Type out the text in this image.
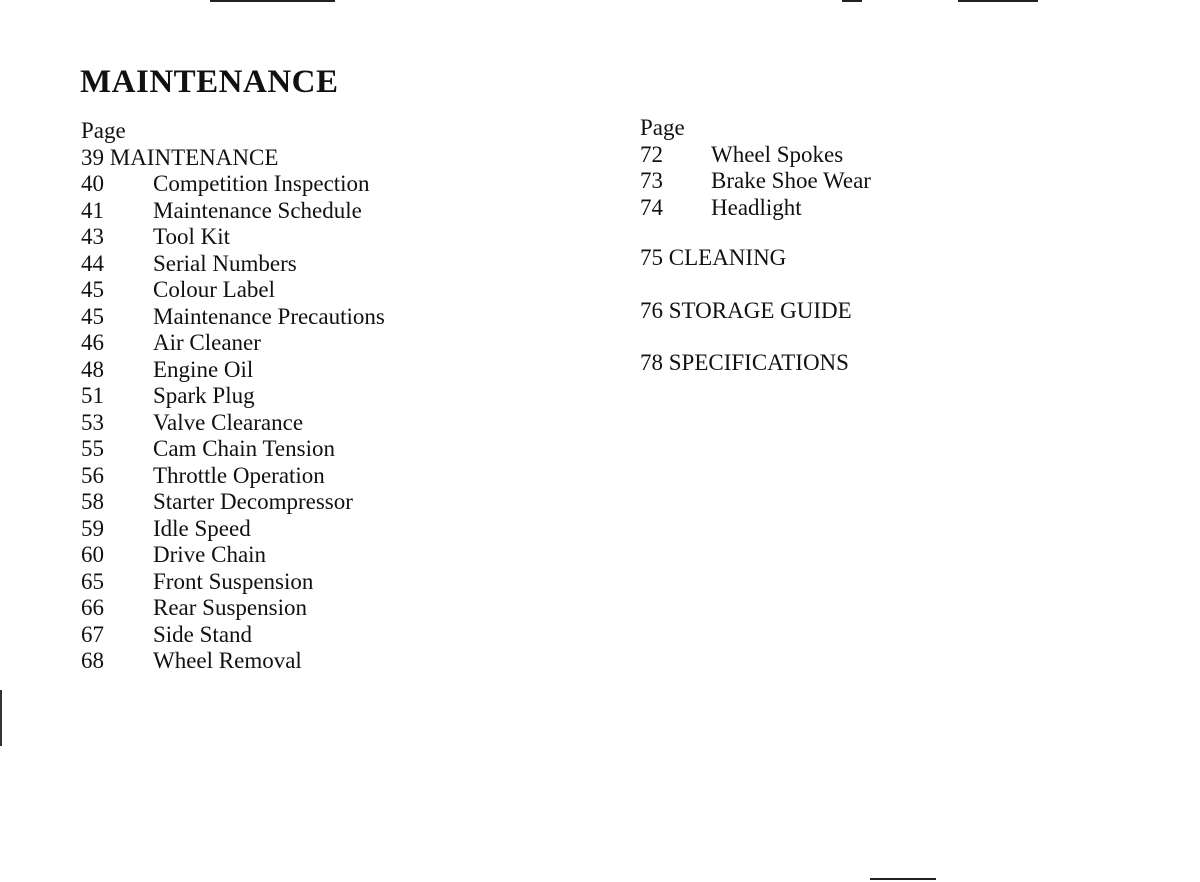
MAINTENANCE
Page
39 MAINTENANCE
40	Competition Inspection
41	Maintenance Schedule
43	Tool Kit
44	Serial Numbers
45	Colour Label
45	Maintenance Precautions
46	Air Cleaner
48	Engine Oil
51	Spark Plug
53	Valve Clearance
55	Cam Chain Tension
56	Throttle Operation
58	Starter Decompressor
59	Idle Speed
60	Drive Chain
65	Front Suspension
66	Rear Suspension
67	Side Stand
68	Wheel Removal
Page
72	Wheel Spokes
73	Brake Shoe Wear
74	Headlight
75 CLEANING
76 STORAGE GUIDE
78 SPECIFICATIONS
